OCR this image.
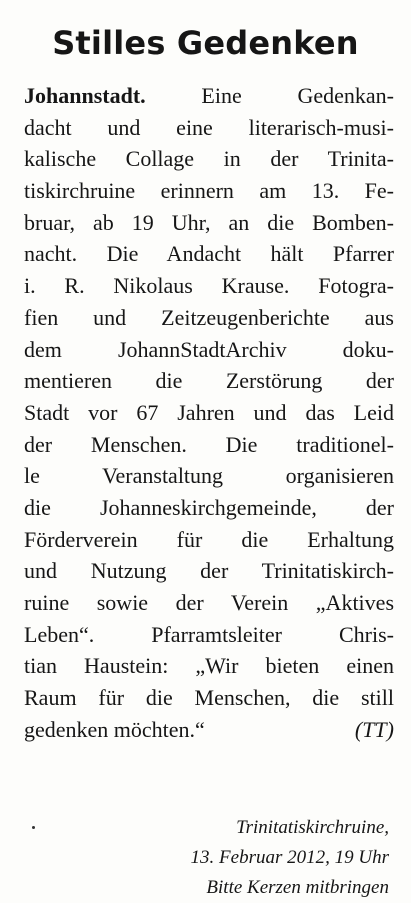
Stilles Gedenken
Johannstadt.	Eine Gedenkan-
dacht und eine literarisch-musi-
kalische Collage in der Trinita-
tiskirchruine erinnern am 13. Fe-
bruar, ab 19 Uhr, an die Bomben-
nacht. Die Andacht hält Pfarrer
i. R. Nikolaus Krause. Fotogra-
fien und Zeitzeugenberichte aus
dem JohannStadtArchiv doku-
mentieren die Zerstörung der
Stadt vor 67 Jahren und das Leid
der Menschen. Die traditionel-
le Veranstaltung organisieren
die Johanneskirchgemeinde, der
Förderverein für die Erhaltung
und Nutzung der Trinitatiskirch-
ruine sowie der Verein „Aktives
Leben“. Pfarramtsleiter Chris-
tian Haustein: „Wir bieten einen
Raum für die Menschen, die still
gedenken möchten.“	(TT)
Trinitatiskirchruine,
13. Februar 2012, 19 Uhr
Bitte Kerzen mitbringen
